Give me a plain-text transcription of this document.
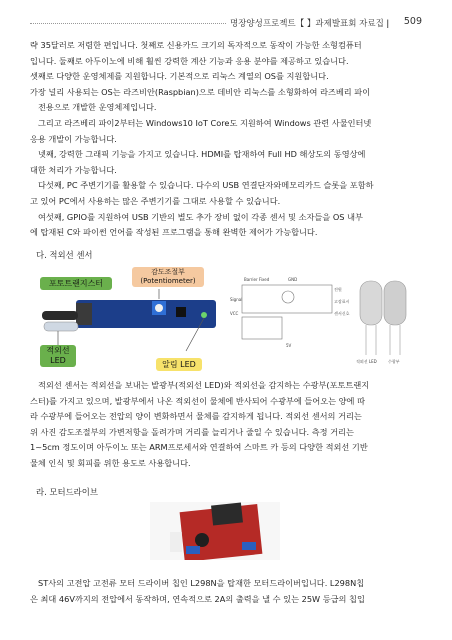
명장양성프로젝트【 】과제발표회 자료집 ǀ 509
략 35달러로 저렴한 편입니다. 첫째로 신용카드 크기의 독자적으로 동작이 가능한 소형컴퓨터
입니다. 둘째로 아두이노에 비해 훨씬 강력한 계산 기능과 응용 분야를 제공하고 있습니다.
셋째로 다양한 운영체제를 지원합니다. 기본적으로 리눅스 계열의 OS를 지원합니다.
가장 널리 사용되는 OS는 라즈비안(Raspbian)으로 데비안 리눅스를 소형화하여 라즈베리 파이
전용으로 개발한 운영체제입니다.
그리고 라즈베리 파이2부터는 Windows10 IoT Core도 지원하여 Windows 관련 사물인터넷
응용 개발이 가능합니다.
넷째, 강력한 그래픽 기능을 가지고 있습니다. HDMI를 탑재하여 Full HD 해상도의 동영상에
대한 처리가 가능합니다.
다섯째, PC 주변기기를 활용할 수 있습니다. 다수의 USB 연결단자와메모리카드 슬롯을 포함하
고 있어 PC에서 사용하는 많은 주변기기를 그대로 사용할 수 있습니다.
여섯째, GPIO를 지원하여 USB 기반의 별도 추가 장비 없이 각종 센서 및 소자들을 OS 내부
에 탑재된 C와 파이썬 언어를 작성된 프로그램을 통해 완벽한 제어가 가능합니다.
다. 적외선 센서
포토트랜지스터
감도조절부
(Potentiometer)
적외선
LED	알림 LED
Barrier Fixed	GND
Signal
VCC
전원
고장표시
센서신호
5V
적외선 LED	수광부
적외선 센서는 적외선을 보내는 발광부(적외선 LED)와 적외선을 감지하는 수광부(포토트랜지
스터)를 가지고 있으며, 발광부에서 나온 적외선이 물체에 반사되어 수광부에 들어오는 양에 따
라 수광부에 들어오는 전압의 양이 변화하면서 물체를 감지하게 됩니다. 적외선 센서의 거리는
위 사진 감도조절부의 가변저항을 돌려가며 거리를 늘리거나 줄일 수 있습니다. 측정 거리는
1~5cm 정도이며 아두이노 또는 ARM프로세서와 연결하여 스마트 카 등의 다양한 적외선 기반
물체 인식 및 회피를 위한 용도로 사용합니다.
라. 모터드라이브
ST사의 고전압 고전류 모터 드라이버 칩인 L298N을 탑재한 모터드라이버입니다. L298N칩
은 최대 46V까지의 전압에서 동작하며, 연속적으로 2A의 출력을 낼 수 있는 25W 등급의 칩입
